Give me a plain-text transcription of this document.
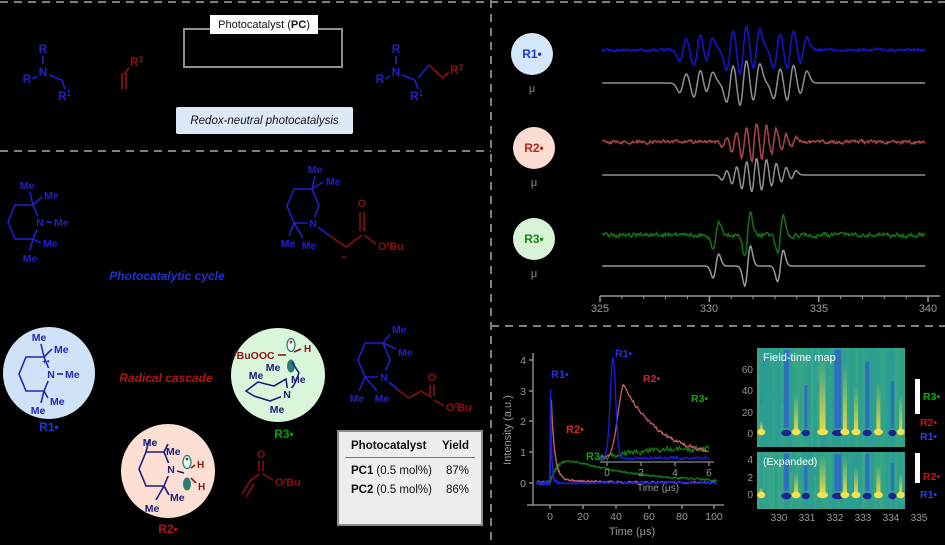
R
N
R
$R^1$
$R^2$
R
N
R
$R^1$
$R^2$
N Me
Me
Me
Me
Me
Photocatalytic cycle
N
Me
Me
Me Me
−
O
$O^tBu$
N
+•
Me
Me
Me
Me
Me
R1•
Radical cascade
N
Me
Me
Me
Me
H
H
R2•
$^t$BuOOC
H
N
Me
Me	Me
Me
R3•
N
Me
Me
Me Me
O
$O^tBu$
O
$O^tBu$
R1•
μ
R2•
μ
R3•
μ
325	330	335	340
4
3
2
1
0
0 20 40 60 80 100
Time (μs)
Intensity (a.u.)
R1•
R2•
R3•
0	2	4	6
Time (μs)
R1•
R2•
R3•
Field-time map
(Expanded)
60
40
20
0
4
2
0
330 331 332 333 334 335
R3•
R2•
R1•
R2•
R1•
Photocatalyst ( PC )
Redox-neutral photocatalysis
Photocatalyst Yield
PC1 (0.5 mol%) 87%
PC2 (0.5 mol%) 86%
